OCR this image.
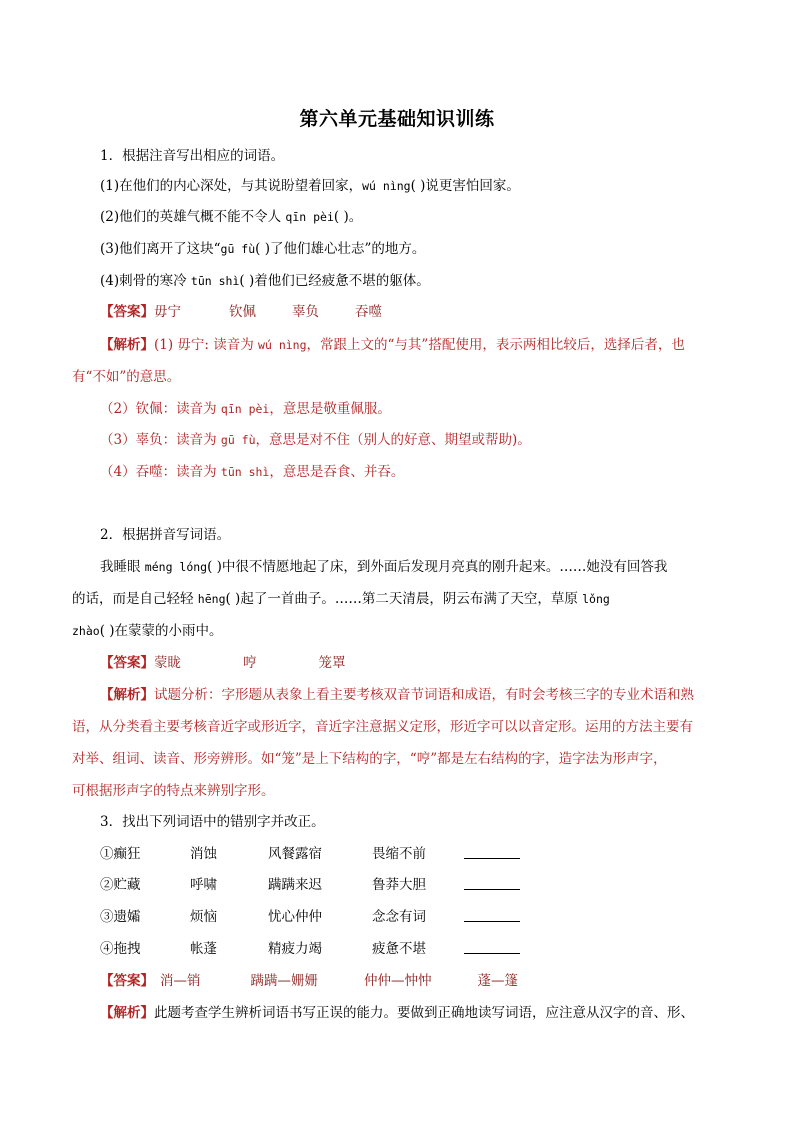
第六单元基础知识训练
1．根据注音写出相应的词语。
(1)在他们的内心深处，与其说盼望着回家，wú nìng( )说更害怕回家。
(2)他们的英雄气概不能不令人 qīn pèi( )。
(3)他们离开了这块“gū fù( )了他们雄心壮志”的地方。
(4)刺骨的寒冷 tūn shì( )着他们已经疲惫不堪的躯体。
【答案】毋宁	钦佩	辜负	吞噬
【解析】(1) 毋宁: 读音为 wú nìng，常跟上文的“与其”搭配使用，表示两相比较后，选择后者，也
有“不如”的意思。
（2）钦佩：读音为 qīn pèi，意思是敬重佩服。
（3）辜负：读音为 gū fù，意思是对不住（别人的好意、期望或帮助)。
（4）吞噬：读音为 tūn shì，意思是吞食、并吞。
2．根据拼音写词语。
我睡眼 méng lóng( )中很不情愿地起了床，到外面后发现月亮真的刚升起来。……她没有回答我
的话，而是自己轻轻 hēng( )起了一首曲子。……第二天清晨，阴云布满了天空，草原 lǒng
zhào( )在蒙蒙的小雨中。
【答案】蒙眬	哼	笼罩
【解析】试题分析：字形题从表象上看主要考核双音节词语和成语，有时会考核三字的专业术语和熟
语，从分类看主要考核音近字或形近字，音近字注意据义定形，形近字可以以音定形。运用的方法主要有
对举、组词、读音、形旁辨形。如“笼”是上下结构的字，“哼”都是左右结构的字，造字法为形声字，
可根据形声字的特点来辨别字形。
3．找出下列词语中的错别字并改正。
①癫狂	消蚀	风餐露宿	畏缩不前
②贮藏	呼啸	蹒蹒来迟	鲁莽大胆
③遗孀	烦恼	忧心仲仲	念念有词
④拖拽	帐蓬	精疲力竭	疲惫不堪
【答案】 消—销	蹒蹒—姗姗	仲仲—忡忡	蓬—篷
【解析】此题考查学生辨析词语书写正误的能力。要做到正确地读写词语，应注意从汉字的音、形、
